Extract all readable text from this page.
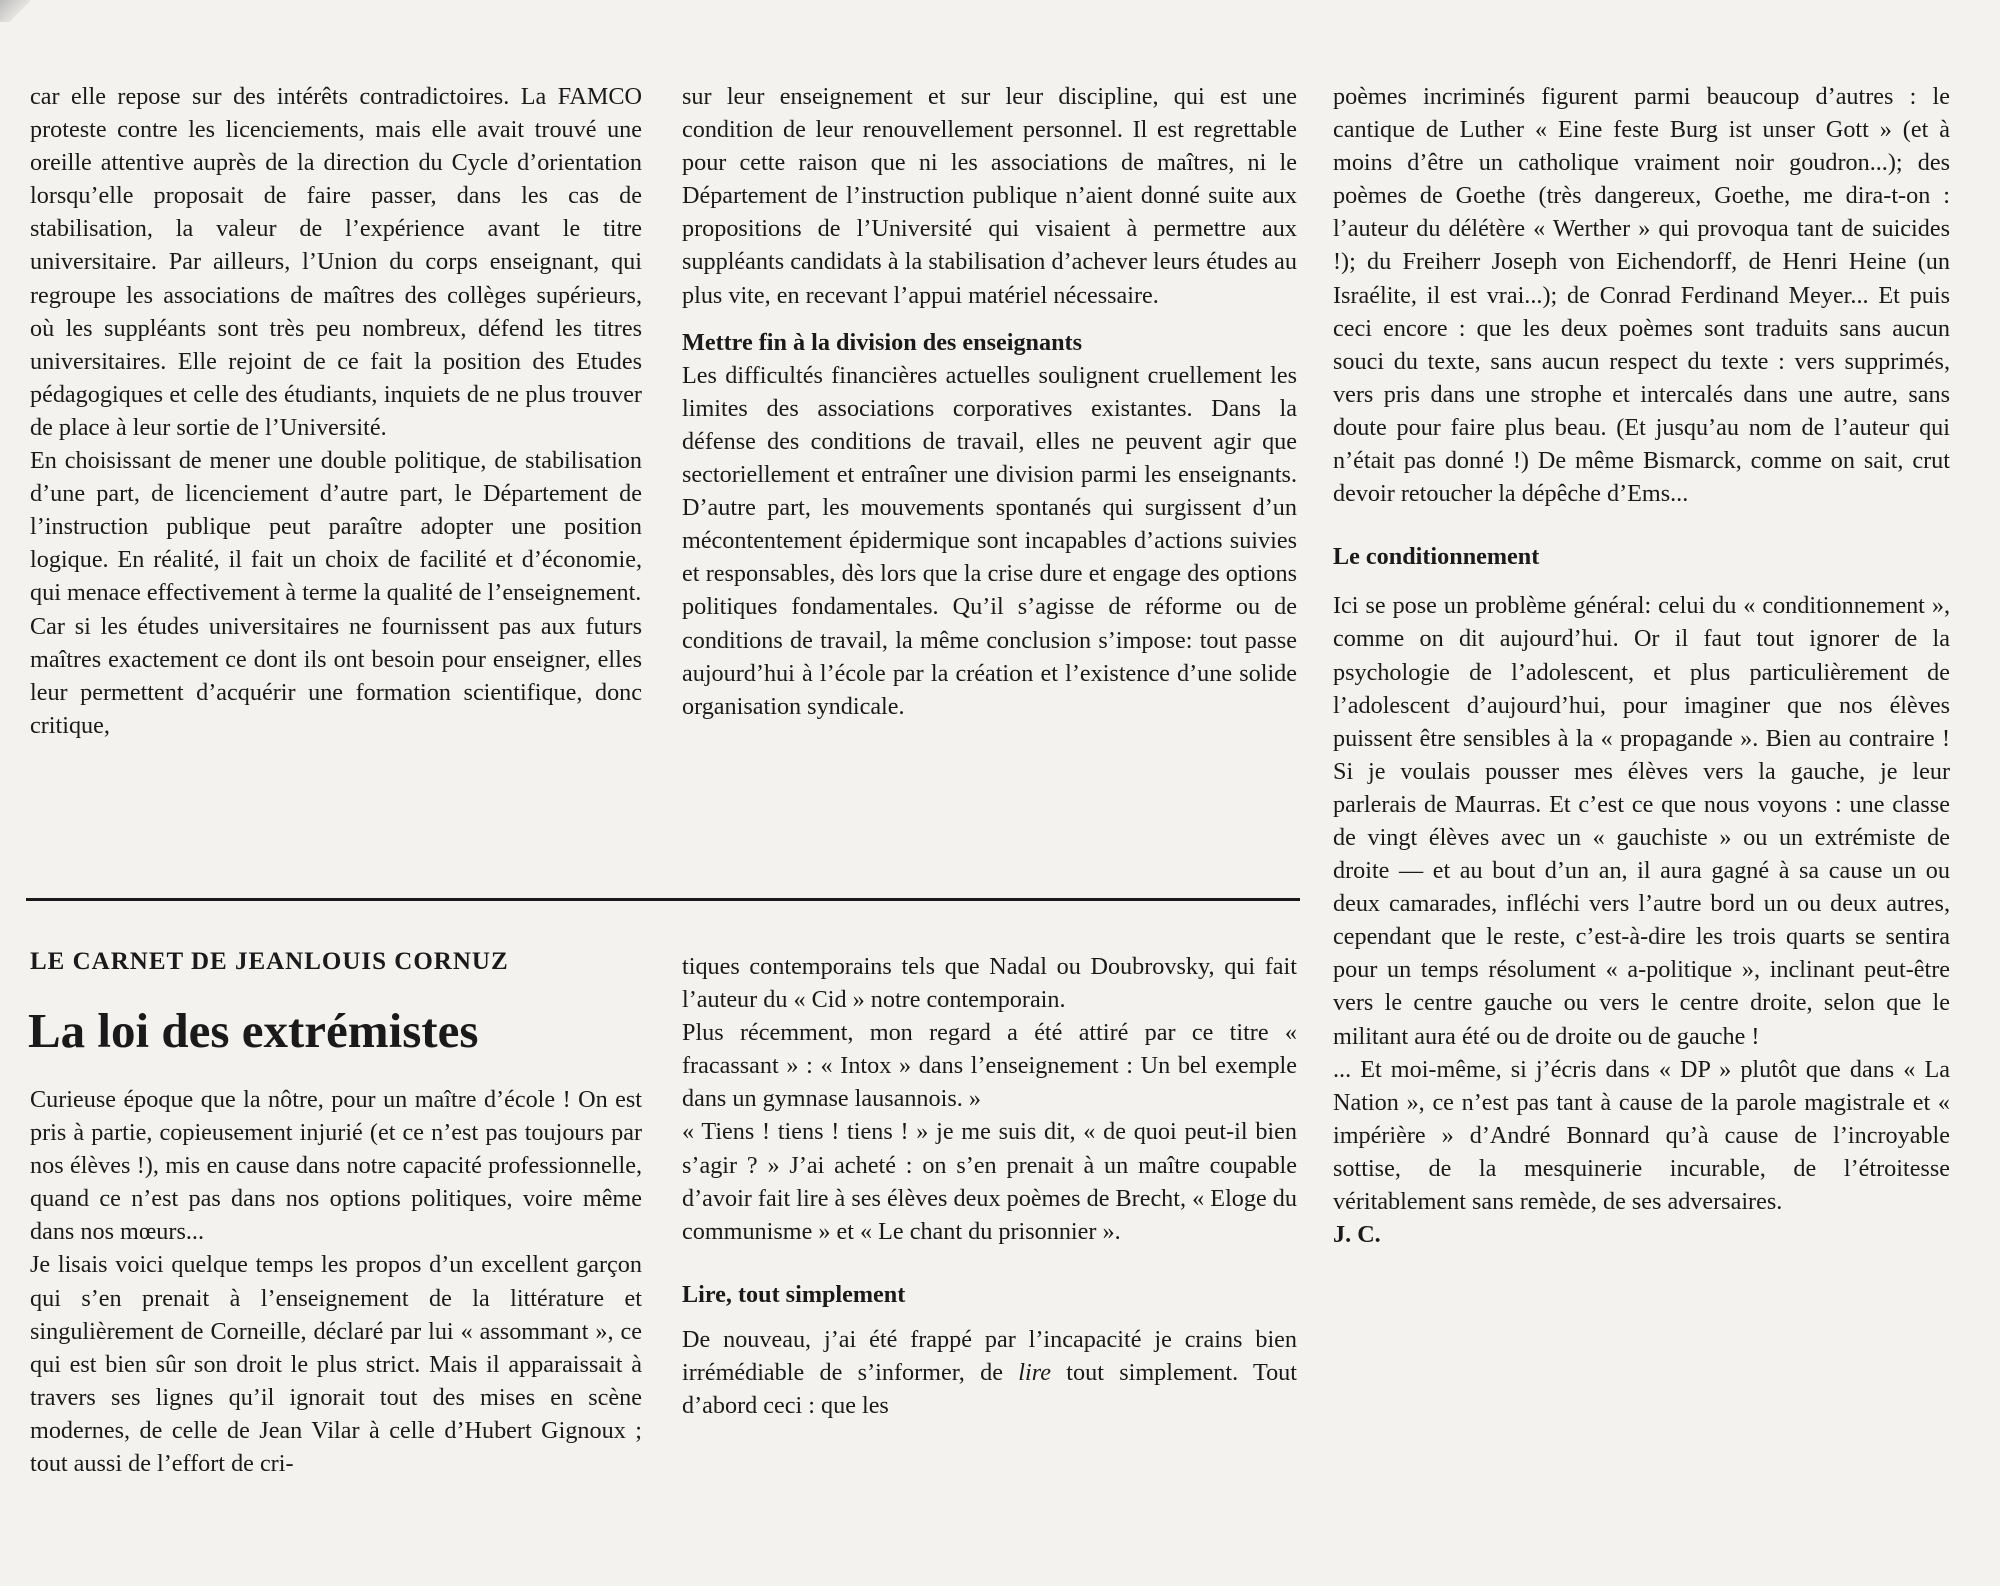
car elle repose sur des intérêts contradictoires. La FAMCO proteste contre les licenciements, mais elle avait trouvé une oreille attentive auprès de la direction du Cycle d’orientation lorsqu’elle proposait de faire passer, dans les cas de stabilisation, la valeur de l’expérience avant le titre universitaire. Par ailleurs, l’Union du corps enseignant, qui regroupe les associations de maîtres des collèges supérieurs, où les suppléants sont très peu nombreux, défend les titres universitaires. Elle rejoint de ce fait la position des Etudes pédagogiques et celle des étudiants, inquiets de ne plus trouver de place à leur sortie de l’Université.

En choisissant de mener une double politique, de stabilisation d’une part, de licenciement d’autre part, le Département de l’instruction publique peut paraître adopter une position logique. En réalité, il fait un choix de facilité et d’économie, qui menace effectivement à terme la qualité de l’enseignement.

Car si les études universitaires ne fournissent pas aux futurs maîtres exactement ce dont ils ont besoin pour enseigner, elles leur permettent d’acquérir une formation scientifique, donc critique,

sur leur enseignement et sur leur discipline, qui est une condition de leur renouvellement personnel. Il est regrettable pour cette raison que ni les associations de maîtres, ni le Département de l’instruction publique n’aient donné suite aux propositions de l’Université qui visaient à permettre aux suppléants candidats à la stabilisation d’achever leurs études au plus vite, en recevant l’appui matériel nécessaire.

Mettre fin à la division des enseignants

Les difficultés financières actuelles soulignent cruellement les limites des associations corporatives existantes. Dans la défense des conditions de travail, elles ne peuvent agir que sectoriellement et entraîner une division parmi les enseignants. D’autre part, les mouvements spontanés qui surgissent d’un mécontentement épidermique sont incapables d’actions suivies et responsables, dès lors que la crise dure et engage des options politiques fondamentales. Qu’il s’agisse de réforme ou de conditions de travail, la même conclusion s’impose: tout passe aujourd’hui à l’école par la création et l’existence d’une solide organisation syndicale.

poèmes incriminés figurent parmi beaucoup d’autres : le cantique de Luther « Eine feste Burg ist unser Gott » (et à moins d’être un catholique vraiment noir goudron...); des poèmes de Goethe (très dangereux, Goethe, me dira-t-on : l’auteur du délétère « Werther » qui provoqua tant de suicides !); du Freiherr Joseph von Eichendorff, de Henri Heine (un Israélite, il est vrai...); de Conrad Ferdinand Meyer... Et puis ceci encore : que les deux poèmes sont traduits sans aucun souci du texte, sans aucun respect du texte : vers supprimés, vers pris dans une strophe et intercalés dans une autre, sans doute pour faire plus beau. (Et jusqu’au nom de l’auteur qui n’était pas donné !) De même Bismarck, comme on sait, crut devoir retoucher la dépêche d’Ems...

Le conditionnement

Ici se pose un problème général: celui du « conditionnement », comme on dit aujourd’hui. Or il faut tout ignorer de la psychologie de l’adolescent, et plus particulièrement de l’adolescent d’aujourd’hui, pour imaginer que nos élèves puissent être sensibles à la « propagande ». Bien au contraire ! Si je voulais pousser mes élèves vers la gauche, je leur parlerais de Maurras. Et c’est ce que nous voyons : une classe de vingt élèves avec un « gauchiste » ou un extrémiste de droite — et au bout d’un an, il aura gagné à sa cause un ou deux camarades, infléchi vers l’autre bord un ou deux autres, cependant que le reste, c’est-à-dire les trois quarts se sentira pour un temps résolument « a-politique », inclinant peut-être vers le centre gauche ou vers le centre droite, selon que le militant aura été ou de droite ou de gauche !

... Et moi-même, si j’écris dans « DP » plutôt que dans « La Nation », ce n’est pas tant à cause de la parole magistrale et « impérière » d’André Bonnard qu’à cause de l’incroyable sottise, de la mesquinerie incurable, de l’étroitesse véritablement sans remède, de ses adversaires.

J. C.

LE CARNET DE JEANLOUIS CORNUZ
La loi des extrémistes

Curieuse époque que la nôtre, pour un maître d’école ! On est pris à partie, copieusement injurié (et ce n’est pas toujours par nos élèves !), mis en cause dans notre capacité professionnelle, quand ce n’est pas dans nos options politiques, voire même dans nos mœurs...

Je lisais voici quelque temps les propos d’un excellent garçon qui s’en prenait à l’enseignement de la littérature et singulièrement de Corneille, déclaré par lui « assommant », ce qui est bien sûr son droit le plus strict. Mais il apparaissait à travers ses lignes qu’il ignorait tout des mises en scène modernes, de celle de Jean Vilar à celle d’Hubert Gignoux ; tout aussi de l’effort de cri-

tiques contemporains tels que Nadal ou Doubrovsky, qui fait l’auteur du « Cid » notre contemporain.

Plus récemment, mon regard a été attiré par ce titre « fracassant » : « Intox » dans l’enseignement : Un bel exemple dans un gymnase lausannois. »

« Tiens ! tiens ! tiens ! » je me suis dit, « de quoi peut-il bien s’agir ? » J’ai acheté : on s’en prenait à un maître coupable d’avoir fait lire à ses élèves deux poèmes de Brecht, « Eloge du communisme » et « Le chant du prisonnier ».

Lire, tout simplement

De nouveau, j’ai été frappé par l’incapacité je crains bien irrémédiable de s’informer, de lire tout simplement. Tout d’abord ceci : que les
